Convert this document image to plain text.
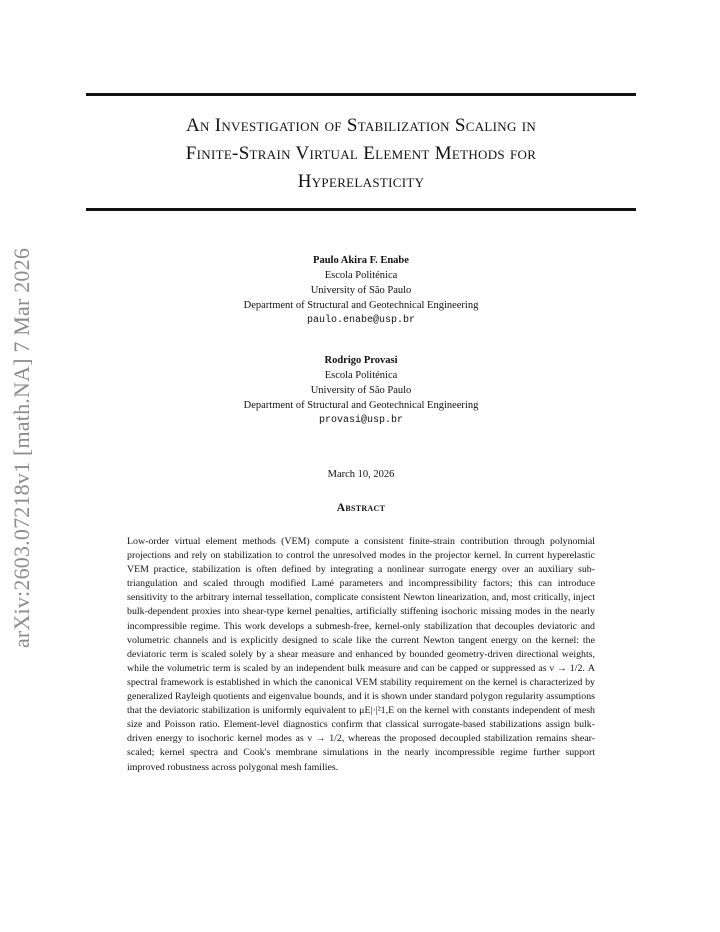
arXiv:2603.07218v1 [math.NA] 7 Mar 2026
An Investigation of Stabilization Scaling in
Finite-Strain Virtual Element Methods for
Hyperelasticity
Paulo Akira F. Enabe
Escola Politénica
University of São Paulo
Department of Structural and Geotechnical Engineering
paulo.enabe@usp.br
Rodrigo Provasi
Escola Politénica
University of São Paulo
Department of Structural and Geotechnical Engineering
provasi@usp.br
March 10, 2026
Abstract
Low-order virtual element methods (VEM) compute a consistent finite-strain contribution through polynomial projections and rely on stabilization to control the unresolved modes in the projector kernel. In current hyperelastic VEM practice, stabilization is often defined by integrating a nonlinear surrogate energy over an auxiliary sub-triangulation and scaled through modified Lamé parameters and incompressibility factors; this can introduce sensitivity to the arbitrary internal tessellation, complicate consistent Newton linearization, and, most critically, inject bulk-dependent proxies into shear-type kernel penalties, artificially stiffening isochoric missing modes in the nearly incompressible regime. This work develops a submesh-free, kernel-only stabilization that decouples deviatoric and volumetric channels and is explicitly designed to scale like the current Newton tangent energy on the kernel: the deviatoric term is scaled solely by a shear measure and enhanced by bounded geometry-driven directional weights, while the volumetric term is scaled by an independent bulk measure and can be capped or suppressed as ν → 1/2. A spectral framework is established in which the canonical VEM stability requirement on the kernel is characterized by generalized Rayleigh quotients and eigenvalue bounds, and it is shown under standard polygon regularity assumptions that the deviatoric stabilization is uniformly equivalent to μE|·|²1,E on the kernel with constants independent of mesh size and Poisson ratio. Element-level diagnostics confirm that classical surrogate-based stabilizations assign bulk-driven energy to isochoric kernel modes as ν → 1/2, whereas the proposed decoupled stabilization remains shear-scaled; kernel spectra and Cook's membrane simulations in the nearly incompressible regime further support improved robustness across polygonal mesh families.
